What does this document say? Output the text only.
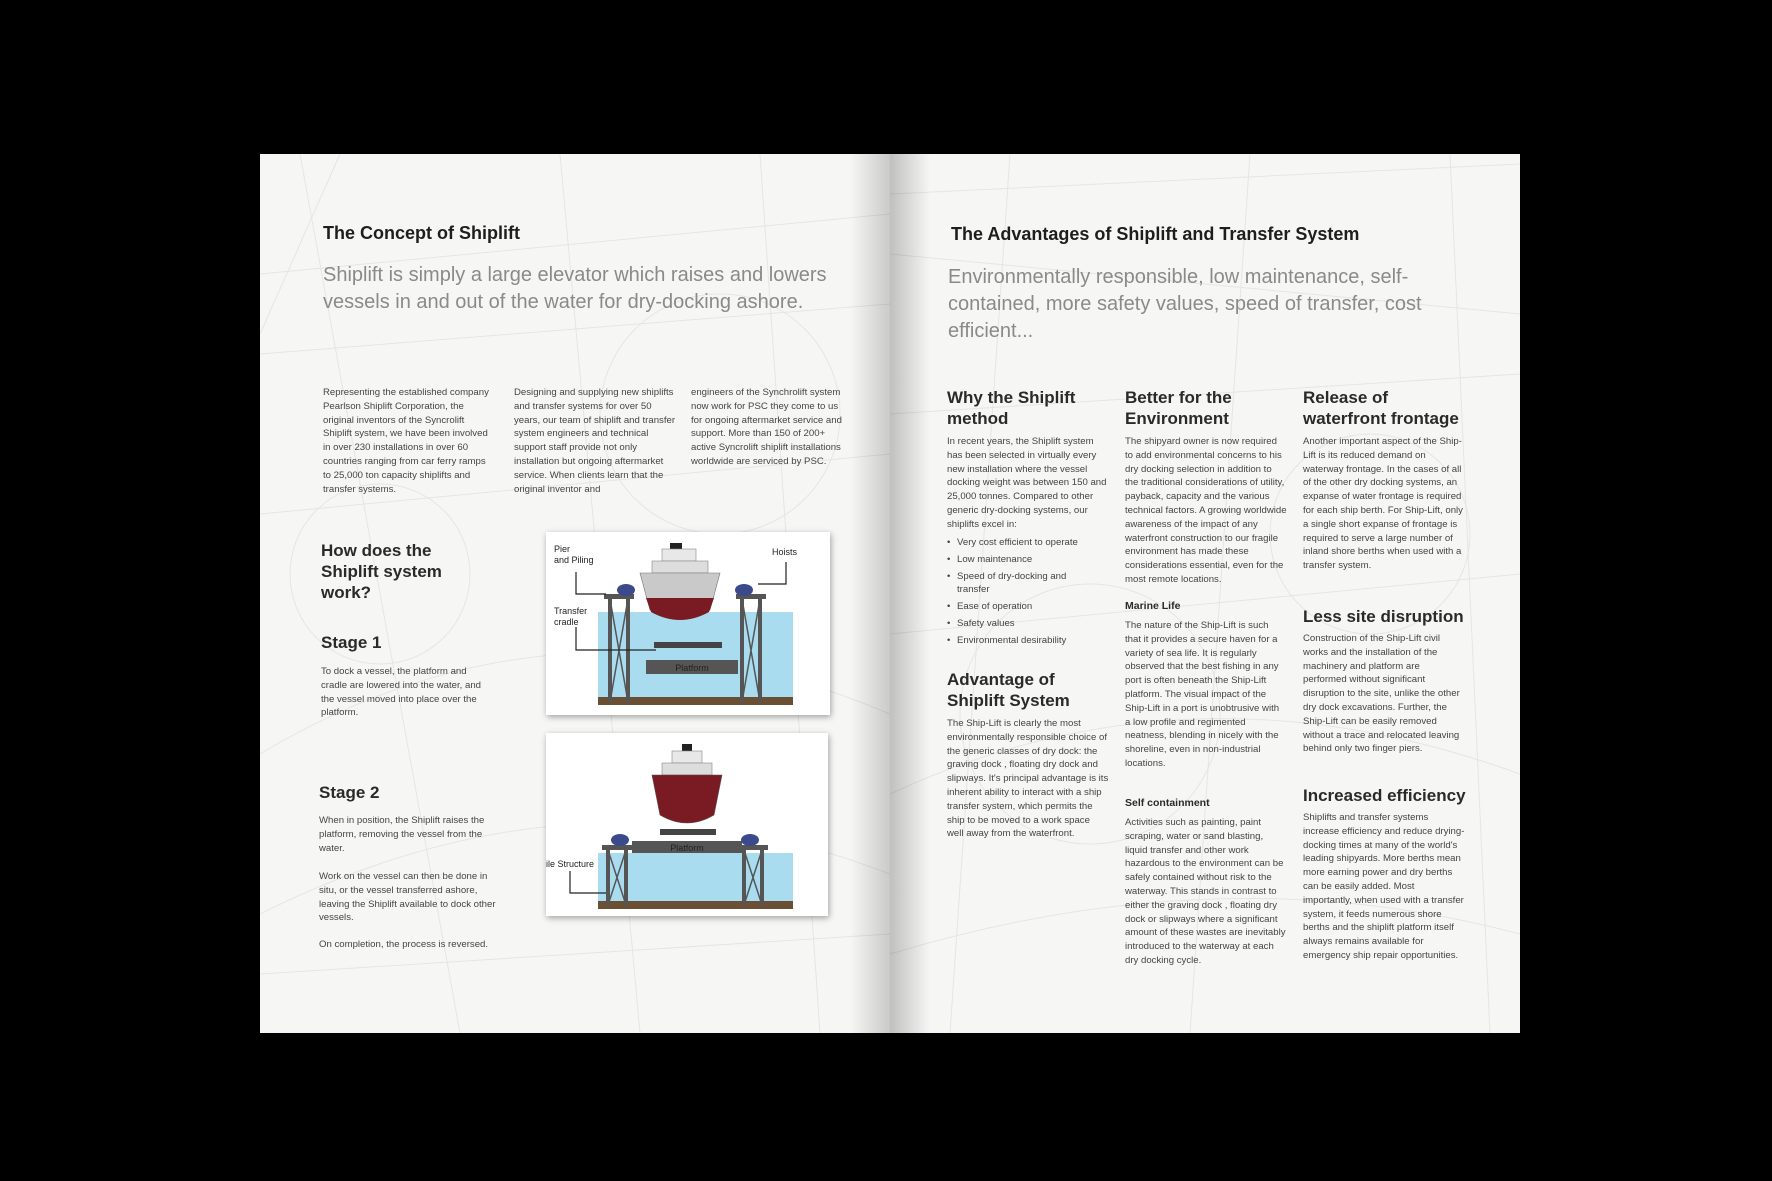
The Concept of Shiplift

Shiplift is simply a large elevator which raises and lowers vessels in and out of the water for dry-docking ashore.

Representing the established company Pearlson Shiplift Corporation, the original inventors of the Syncrolift Shiplift system, we have been involved in over 230 installations in over 60 countries ranging from car ferry ramps to 25,000 ton capacity shiplifts and transfer systems.

Designing and supplying new shiplifts and transfer systems for over 50 years, our team of shiplift and transfer system engineers and technical support staff provide not only installation but ongoing aftermarket service. When clients learn that the original inventor and

engineers of the Synchrolift system now work for PSC they come to us for ongoing aftermarket service and support. More than 150 of 200+ active Syncrolift shiplift installations worldwide are serviced by PSC.

How does the Shiplift system work?
Stage 1

To dock a vessel, the platform and cradle are lowered into the water, and the vessel moved into place over the platform.

Stage 2

When in position, the Shiplift raises the platform, removing the vessel from the water.

Work on the vessel can then be done in situ, or the vessel transferred ashore, leaving the Shiplift available to dock other vessels.

On completion, the process is reversed.

Platform
Pier
and Piling
Hoists
Transfer
cradle
Platform
ile Structure
The Advantages of Shiplift and Transfer System

Environmentally responsible, low maintenance, self-contained, more safety values, speed of transfer, cost efficient...

Why the Shiplift method

In recent years, the Shiplift system has been selected in virtually every new installation where the vessel docking weight was between 150 and 25,000 tonnes. Compared to other generic dry-docking systems, our shiplifts excel in:

• Very cost efficient to operate
• Low maintenance
• Speed of dry-docking and transfer
• Ease of operation
• Safety values
• Environmental desirability
Advantage of Shiplift System

The Ship-Lift is clearly the most environmentally responsible choice of the generic classes of dry dock: the graving dock , floating dry dock and slipways. It's principal advantage is its inherent ability to interact with a ship transfer system, which permits the ship to be moved to a work space well away from the waterfront.

Better for the Environment

The shipyard owner is now required to add environmental concerns to his dry docking selection in addition to the traditional considerations of utility, payback, capacity and the various technical factors. A growing worldwide awareness of the impact of any waterfront construction to our fragile environment has made these considerations essential, even for the most remote locations.

Marine Life

The nature of the Ship-Lift is such that it provides a secure haven for a variety of sea life. It is regularly observed that the best fishing in any port is often beneath the Ship-Lift platform. The visual impact of the Ship-Lift in a port is unobtrusive with a low profile and regimented neatness, blending in nicely with the shoreline, even in non-industrial locations.

Self containment

Activities such as painting, paint scraping, water or sand blasting, liquid transfer and other work hazardous to the environment can be safely contained without risk to the waterway. This stands in contrast to either the graving dock , floating dry dock or slipways where a significant amount of these wastes are inevitably introduced to the waterway at each dry docking cycle.

Release of waterfront frontage

Another important aspect of the Ship-Lift is its reduced demand on waterway frontage. In the cases of all of the other dry docking systems, an expanse of water frontage is required for each ship berth. For Ship-Lift, only a single short expanse of frontage is required to serve a large number of inland shore berths when used with a transfer system.

Less site disruption

Construction of the Ship-Lift civil works and the installation of the machinery and platform are performed without significant disruption to the site, unlike the other dry dock excavations. Further, the Ship-Lift can be easily removed without a trace and relocated leaving behind only two finger piers.

Increased efficiency

Shiplifts and transfer systems increase efficiency and reduce drying-docking times at many of the world's leading shipyards. More berths mean more earning power and dry berths can be easily added. Most importantly, when used with a transfer system, it feeds numerous shore berths and the shiplift platform itself always remains available for emergency ship repair opportunities.
